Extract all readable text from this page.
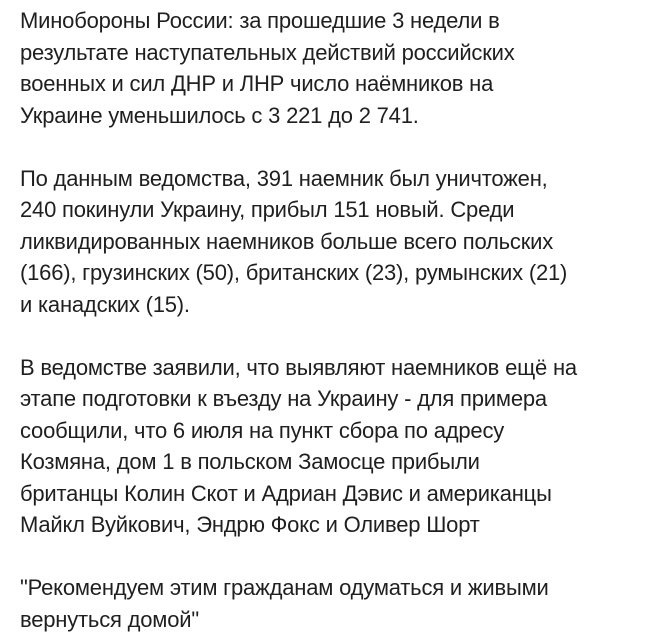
Минобороны России: за прошедшие 3 недели в
результате наступательных действий российских
военных и сил ДНР и ЛНР число наёмников на
Украине уменьшилось с 3 221 до 2 741.

По данным ведомства, 391 наемник был уничтожен,
240 покинули Украину, прибыл 151 новый. Среди
ликвидированных наемников больше всего польских
(166), грузинских (50), британских (23), румынских (21)
и канадских (15).

В ведомстве заявили, что выявляют наемников ещё на
этапе подготовки к въезду на Украину - для примера
сообщили, что 6 июля на пункт сбора по адресу
Козмяна, дом 1 в польском Замосце прибыли
британцы Колин Скот и Адриан Дэвис и американцы
Майкл Вуйкович, Эндрю Фокс и Оливер Шорт

"Рекомендуем этим гражданам одуматься и живыми
вернуться домой"
